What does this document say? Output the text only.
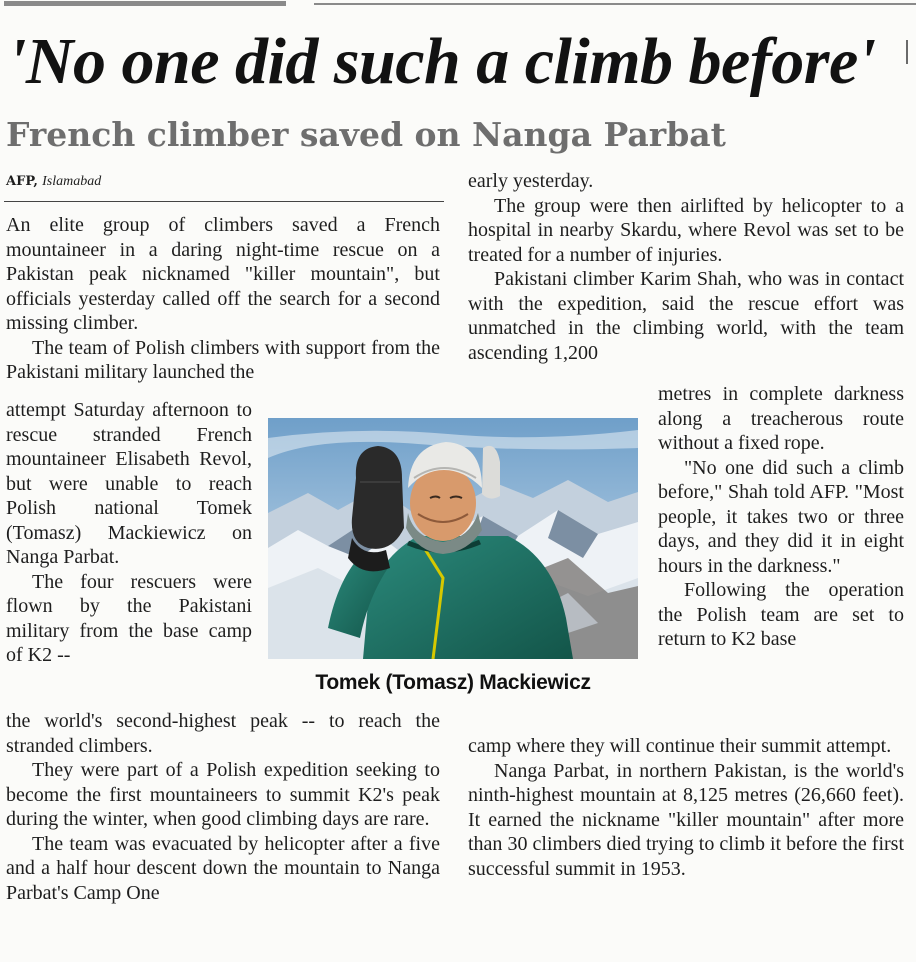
'No one did such a climb before'
French climber saved on Nanga Parbat
AFP, Islamabad

An elite group of climbers saved a French mountaineer in a daring night-time rescue on a Pakistan peak nicknamed "killer mountain", but officials yesterday called off the search for a second missing climber.

The team of Polish climbers with support from the Pakistani military launched the

attempt Saturday afternoon to rescue stranded French mountaineer Elisabeth Revol, but were unable to reach Polish national Tomek (Tomasz) Mackiewicz on Nanga Parbat.

The four rescuers were flown by the Pakistani military from the base camp of K2 --

the world's second-highest peak -- to reach the stranded climbers.

They were part of a Polish expedition seeking to become the first mountaineers to summit K2's peak during the winter, when good climbing days are rare.

The team was evacuated by helicopter after a five and a half hour descent down the mountain to Nanga Parbat's Camp One

early yesterday.

The group were then airlifted by helicopter to a hospital in nearby Skardu, where Revol was set to be treated for a number of injuries.

Pakistani climber Karim Shah, who was in contact with the expedition, said the rescue effort was unmatched in the climbing world, with the team ascending 1,200

metres in complete darkness along a treacherous route without a fixed rope.

"No one did such a climb before," Shah told AFP. "Most people, it takes two or three days, and they did it in eight hours in the darkness."

Following the operation the Polish team are set to return to K2 base

camp where they will continue their summit attempt.

Nanga Parbat, in northern Pakistan, is the world's ninth-highest mountain at 8,125 metres (26,660 feet). It earned the nickname "killer mountain" after more than 30 climbers died trying to climb it before the first successful summit in 1953.

Tomek (Tomasz) Mackiewicz
